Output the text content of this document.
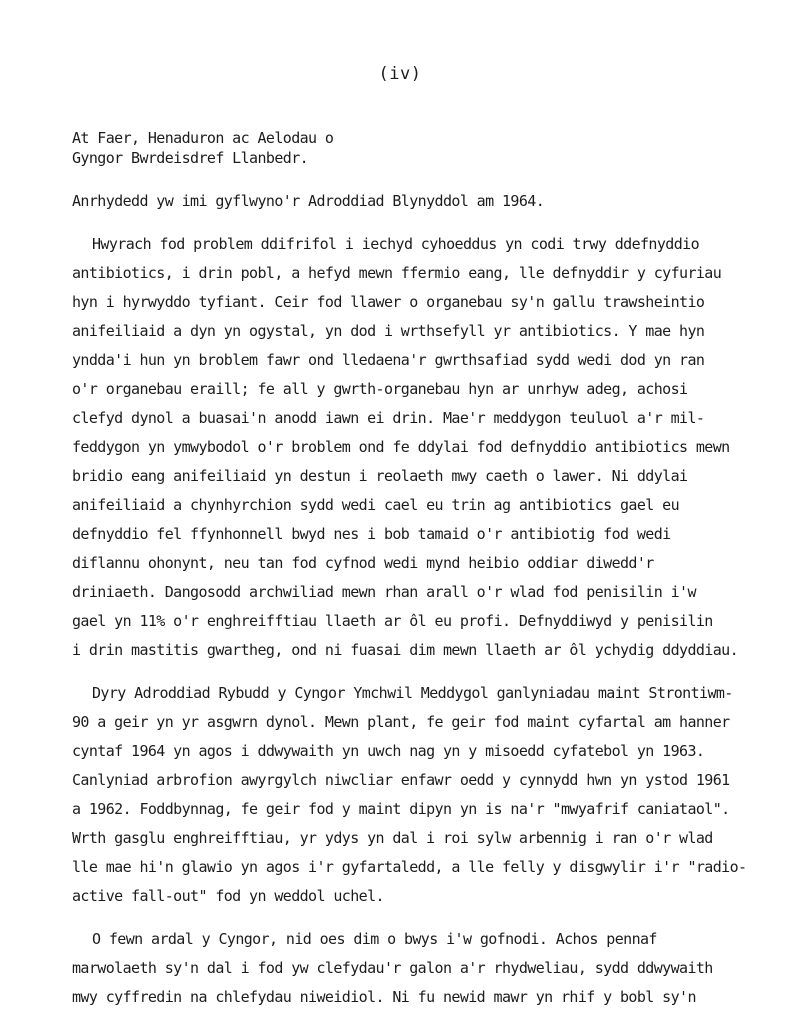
(iv)

At Faer, Henaduron ac Aelodau o

Gyngor Bwrdeisdref Llanbedr.

Anrhydedd yw imi gyflwyno'r Adroddiad Blynyddol am 1964.

Hwyrach fod problem ddifrifol i iechyd cyhoeddus yn codi trwy ddefnyddio

antibiotics, i drin pobl, a hefyd mewn ffermio eang, lle defnyddir y cyfuriau

hyn i hyrwyddo tyfiant. Ceir fod llawer o organebau sy'n gallu trawsheintio

anifeiliaid a dyn yn ogystal, yn dod i wrthsefyll yr antibiotics. Y mae hyn

yndda'i hun yn broblem fawr ond lledaena'r gwrthsafiad sydd wedi dod yn ran

o'r organebau eraill; fe all y gwrth-organebau hyn ar unrhyw adeg, achosi

clefyd dynol a buasai'n anodd iawn ei drin. Mae'r meddygon teuluol a'r mil-

feddygon yn ymwybodol o'r broblem ond fe ddylai fod defnyddio antibiotics mewn

bridio eang anifeiliaid yn destun i reolaeth mwy caeth o lawer. Ni ddylai

anifeiliaid a chynhyrchion sydd wedi cael eu trin ag antibiotics gael eu

defnyddio fel ffynhonnell bwyd nes i bob tamaid o'r antibiotig fod wedi

diflannu ohonynt, neu tan fod cyfnod wedi mynd heibio oddiar diwedd'r

driniaeth. Dangosodd archwiliad mewn rhan arall o'r wlad fod penisilin i'w

gael yn 11% o'r enghreifftiau llaeth ar ôl eu profi. Defnyddiwyd y penisilin

i drin mastitis gwartheg, ond ni fuasai dim mewn llaeth ar ôl ychydig ddyddiau.

Dyry Adroddiad Rybudd y Cyngor Ymchwil Meddygol ganlyniadau maint Strontiwm-

90 a geir yn yr asgwrn dynol. Mewn plant, fe geir fod maint cyfartal am hanner

cyntaf 1964 yn agos i ddwywaith yn uwch nag yn y misoedd cyfatebol yn 1963.

Canlyniad arbrofion awyrgylch niwcliar enfawr oedd y cynnydd hwn yn ystod 1961

a 1962. Foddbynnag, fe geir fod y maint dipyn yn is na'r "mwyafrif caniataol".

Wrth gasglu enghreifftiau, yr ydys yn dal i roi sylw arbennig i ran o'r wlad

lle mae hi'n glawio yn agos i'r gyfartaledd, a lle felly y disgwylir i'r "radio-

active fall-out" fod yn weddol uchel.

O fewn ardal y Cyngor, nid oes dim o bwys i'w gofnodi. Achos pennaf

marwolaeth sy'n dal i fod yw clefydau'r galon a'r rhydweliau, sydd ddwywaith

mwy cyffredin na chlefydau niweidiol. Ni fu newid mawr yn rhif y bobl sy'n
